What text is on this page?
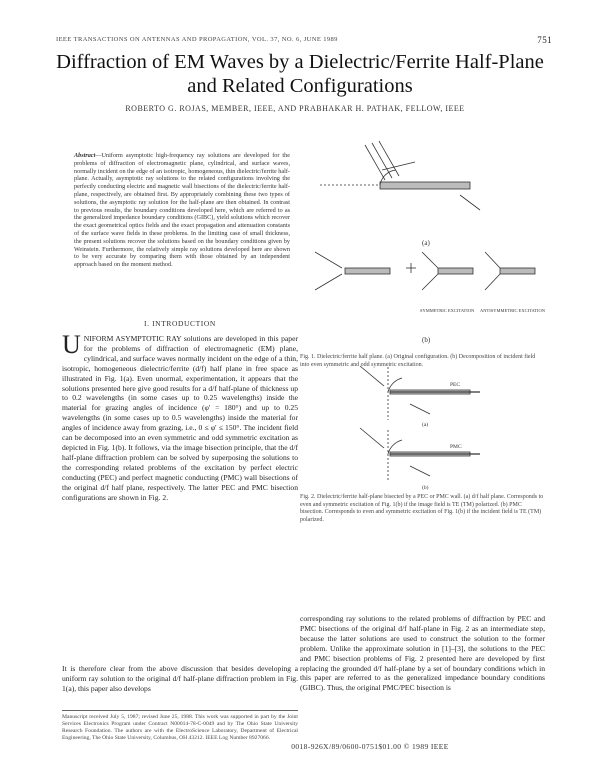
IEEE TRANSACTIONS ON ANTENNAS AND PROPAGATION, VOL. 37, NO. 6, JUNE 1989	751
Diffraction of EM Waves by a Dielectric/Ferrite Half-Plane and Related Configurations
ROBERTO G. ROJAS, MEMBER, IEEE, AND PRABHAKAR H. PATHAK, FELLOW, IEEE
Abstract—Uniform asymptotic high-frequency ray solutions are developed for the problems of diffraction of electromagnetic plane, cylindrical, and surface waves, normally incident on the edge of an isotropic, homogeneous, thin dielectric/ferrite half-plane. Actually, asymptotic ray solutions to the related configurations involving the perfectly conducting electric and magnetic wall bisections of the dielectric/ferrite half-plane, respectively, are obtained first. By appropriately combining these two types of solutions, the asymptotic ray solution for the half-plane are then obtained. In contrast to previous results, the boundary conditions developed here, which are referred to as the generalized impedance boundary conditions (GIBC), yield solutions which recover the exact geometrical optics fields and the exact propagation and attenuation constants of the surface wave fields in these problems. In the limiting case of small thickness, the present solutions recover the solutions based on the boundary conditions given by Weinstein. Furthermore, the relatively simple ray solutions developed here are shown to be very accurate by comparing them with those obtained by an independent approach based on the moment method.
I. INTRODUCTION
UNIFORM ASYMPTOTIC RAY solutions are developed in this paper for the problems of diffraction of electromagnetic (EM) plane, cylindrical, and surface waves normally incident on the edge of a thin, isotropic, homogeneous dielectric/ferrite (d/f) half plane in free space as illustrated in Fig. 1(a). Even unormal, experimentation, it appears that the solutions presented here give good results for a d/f half-plane of thickness up to 0.2 wavelengths (in some cases up to 0.25 wavelengths) inside the material for grazing angles of incidence (φ' = 180°) and up to 0.25 wavelengths (in some cases up to 0.5 wavelengths) inside the material for angles of incidence away from grazing, i.e., 0 ≤ φ' ≤ 150°. The incident field can be decomposed into an even symmetric and odd symmetric excitation as depicted in Fig. 1(b). It follows, via the image bisection principle, that the d/f half-plane diffraction problem can be solved by superposing the solutions to the corresponding related problems of the excitation by perfect electric conducting (PEC) and perfect magnetic conducting (PMC) wall bisections of the original d/f half plane, respectively. The latter PEC and PMC bisection configurations are shown in Fig. 2.
It is therefore clear from the above discussion that besides developing a uniform ray solution to the original d/f half-plane diffraction problem in Fig. 1(a), this paper also develops
Manuscript received July 5, 1987; revised June 25, 1988. This work was supported in part by the Joint Services Electronics Program under Contract N00014-78-C-0049 and by The Ohio State University Research Foundation. The authors are with the ElectroScience Laboratory, Department of Electrical Engineering, The Ohio State University, Columbus, OH 43212. IEEE Log Number 8927066.
(a)
(b)
SYMMETRIC EXCITATION ANTISYMMETRIC EXCITATION
Fig. 1. Dielectric/ferrite half plane. (a) Original configuration. (b) Decomposition of incident field into even symmetric and odd symmetric excitation.
PEC
PMC
(a)
(b)
Fig. 2. Dielectric/ferrite half-plane bisected by a PEC or PMC wall. (a) d/f half plane. Corresponds to even and symmetric excitation of Fig. 1(b) if the image field is TE (TM) polarized. (b) PMC bisection. Corresponds to even and symmetric excitation of Fig. 1(b) if the incident field is TE (TM) polarized.
corresponding ray solutions to the related problems of diffraction by PEC and PMC bisections of the original d/f half-plane in Fig. 2 as an intermediate step, because the latter solutions are used to construct the solution to the former problem. Unlike the approximate solution in [1]–[3], the solutions to the PEC and PMC bisection problems of Fig. 2 presented here are developed by first replacing the grounded d/f half-plane by a set of boundary conditions which in this paper are referred to as the generalized impedance boundary conditions (GIBC). Thus, the original PMC/PEC bisection is
0018-926X/89/0600-0751$01.00 © 1989 IEEE
